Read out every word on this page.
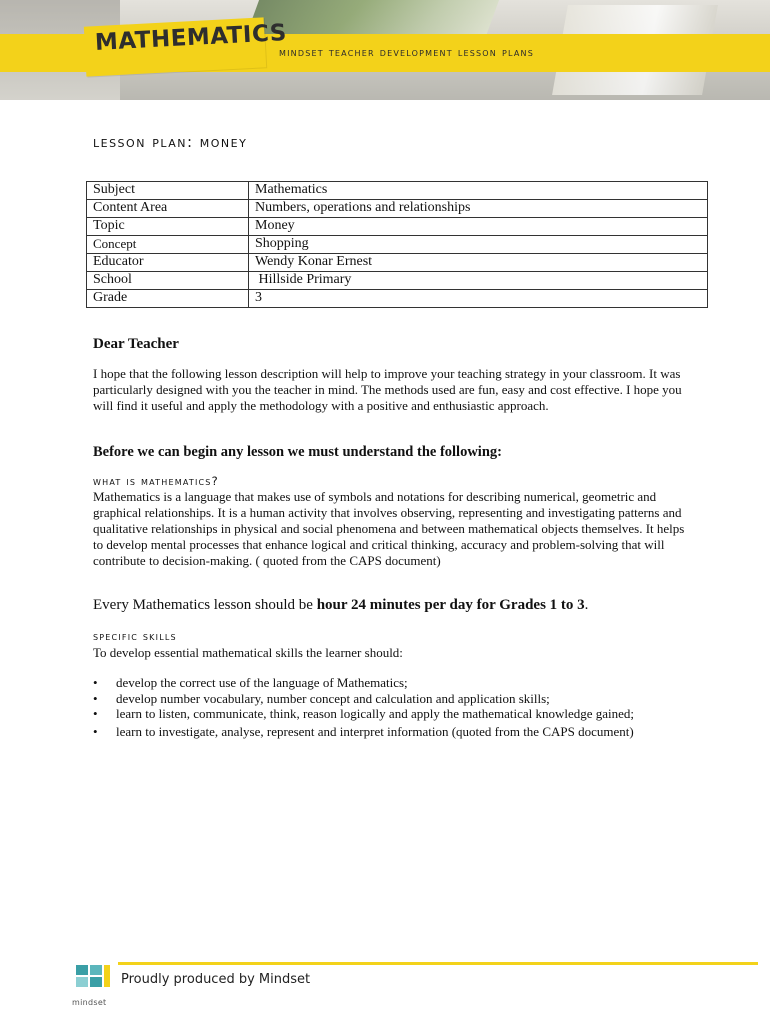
MATHEMATICS
mindset teacher development lesson plans
lesson plan: money
Subject	Mathematics
Content Area	Numbers, operations and relationships
Topic	Money
Concept	Shopping
Educator	Wendy Konar Ernest
School	Hillside Primary
Grade	3
Dear Teacher
I hope that the following lesson description will help to improve your teaching strategy in your classroom. It was particularly designed with you the teacher in mind. The methods used are fun, easy and cost effective. I hope you will find it useful and apply the methodology with a positive and enthusiastic approach.
Before we can begin any lesson we must understand the following:
what is mathematics?
Mathematics is a language that makes use of symbols and notations for describing numerical, geometric and graphical relationships. It is a human activity that involves observing, representing and investigating patterns and qualitative relationships in physical and social phenomena and between mathematical objects themselves. It helps to develop mental processes that enhance logical and critical thinking, accuracy and problem-solving that will contribute to decision-making. ( quoted from the CAPS document)
Every Mathematics lesson should be hour 24 minutes per day for Grades 1 to 3.
specific skills
To develop essential mathematical skills the learner should:
• develop the correct use of the language of Mathematics;
• develop number vocabulary, number concept and calculation and application skills;
• learn to listen, communicate, think, reason logically and apply the mathematical knowledge gained;
• learn to investigate, analyse, represent and interpret information (quoted from the CAPS document)
mindset
Proudly produced by Mindset
